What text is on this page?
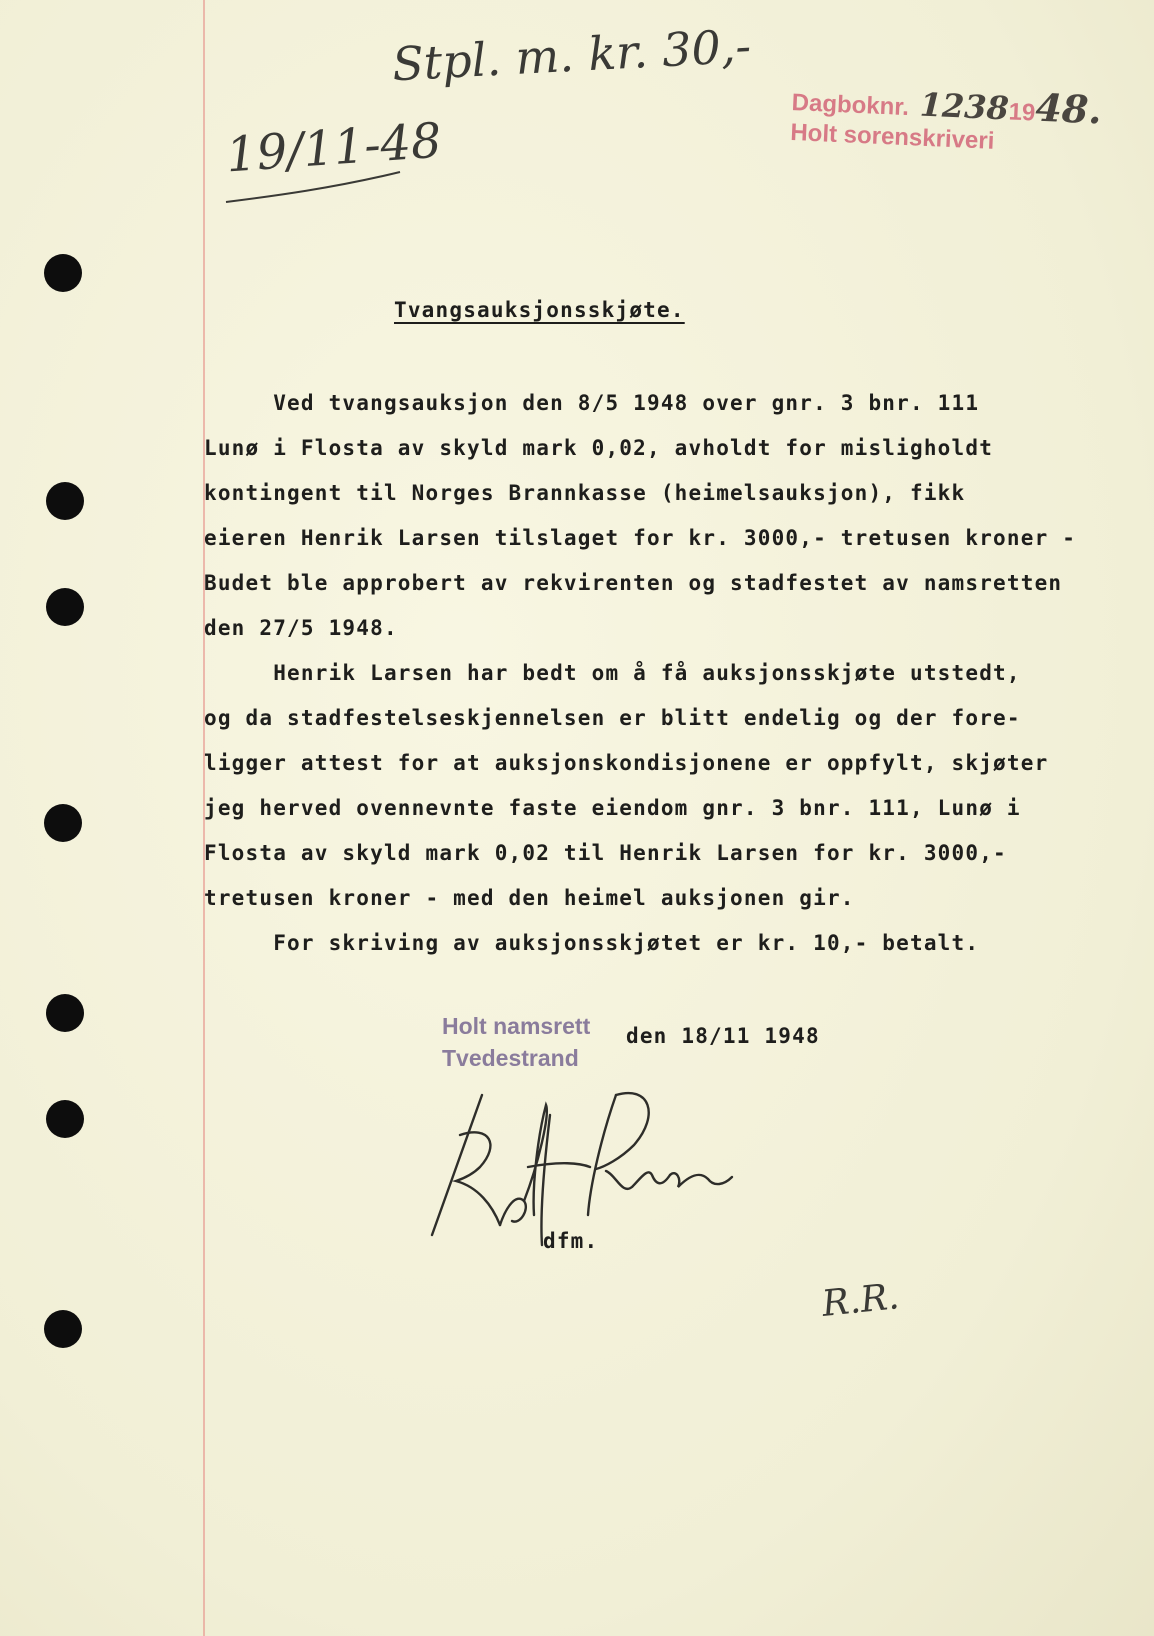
Stpl. m. kr. 30,-
19/11-48
Dagboknr. 12381948.
Holt sorenskriveri
Tvangsauksjonsskjøte.
Ved tvangsauksjon den 8/5 1948 over gnr. 3 bnr. 111
Lunø i Flosta av skyld mark 0,02, avholdt for misligholdt
kontingent til Norges Brannkasse (heimelsauksjon), fikk
eieren Henrik Larsen tilslaget for kr. 3000,- tretusen kroner -
Budet ble approbert av rekvirenten og stadfestet av namsretten
den 27/5 1948.
Henrik Larsen har bedt om å få auksjonsskjøte utstedt,
og da stadfestelseskjennelsen er blitt endelig og der fore-
ligger attest for at auksjonskondisjonene er oppfylt, skjøter
jeg herved ovennevnte faste eiendom gnr. 3 bnr. 111, Lunø i
Flosta av skyld mark 0,02 til Henrik Larsen for kr. 3000,-
tretusen kroner - med den heimel auksjonen gir.
For skriving av auksjonsskjøtet er kr. 10,- betalt.
Holt namsrett
Tvedestrand
den 18/11 1948
dfm.
R.R.
